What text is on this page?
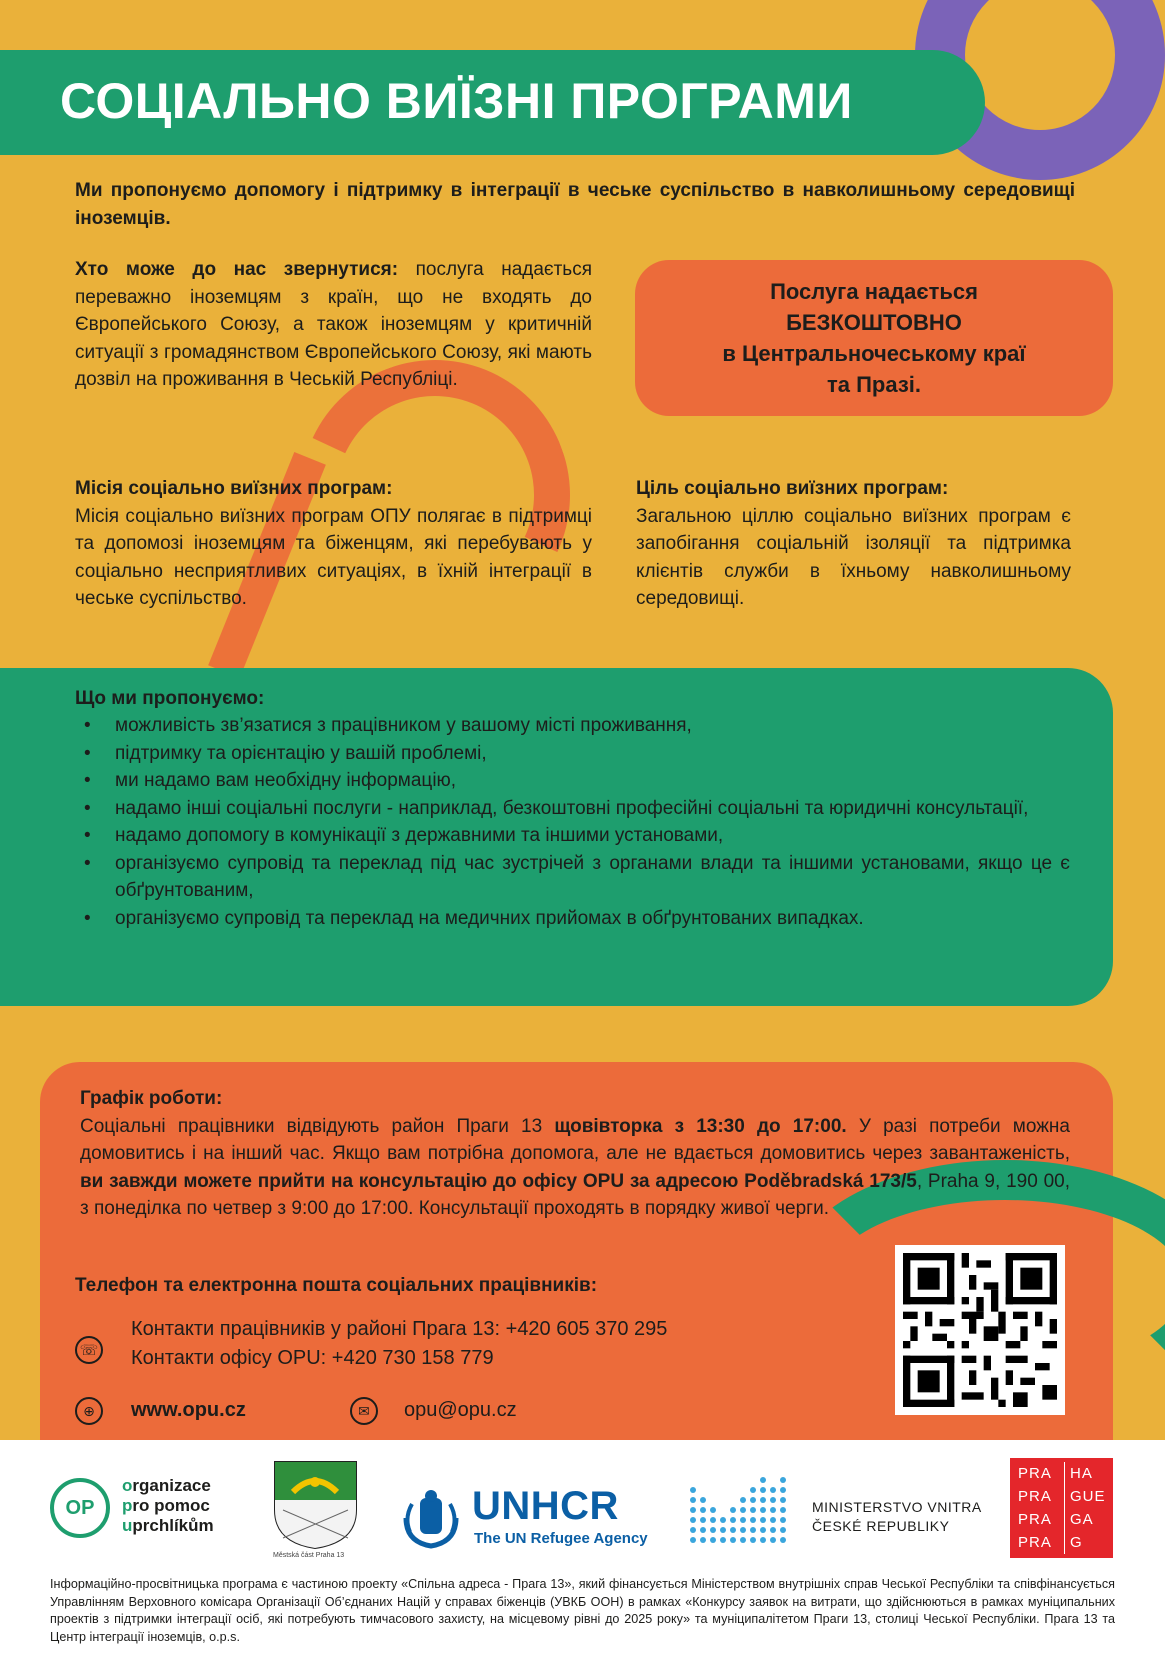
СОЦІАЛЬНО ВИЇЗНІ ПРОГРАМИ
Ми пропонуємо допомогу і підтримку в інтеграції в чеське суспільство в навколишньому середовищі іноземців.
Хто може до нас звернутися: послуга надається переважно іноземцям з країн, що не входять до Європейського Союзу, а також іноземцям у критичній ситуації з громадянством Європейського Союзу, які мають дозвіл на проживання в Чеській Республіці.
Послуга надається
БЕЗКОШТОВНО
в Центральночеському краї
та Празі.
Місія соціально виїзних програм:
Місія соціально виїзних програм ОПУ полягає в підтримці та допомозі іноземцям та біженцям, які перебувають у соціально несприятливих ситуаціях, в їхній інтеграції в чеське суспільство.
Ціль соціально виїзних програм:
Загальною ціллю соціально виїзних програм є запобігання соціальній ізоляції та підтримка клієнтів служби в їхньому навколишньому середовищі.
Що ми пропонуємо:
• можливість зв’язатися з працівником у вашому місті проживання,
• підтримку та орієнтацію у вашій проблемі,
• ми надамо вам необхідну інформацію,
• надамо інші соціальні послуги - наприклад, безкоштовні професійні соціальні та юридичні консультації,
• надамо допомогу в комунікації з державними та іншими установами,
• організуємо супровід та переклад під час зустрічей з органами влади та іншими установами, якщо це є обґрунтованим,
• організуємо супровід та переклад на медичних прийомах в обґрунтованих випадках.
Графік роботи:
Соціальні працівники відвідують район Праги 13 щовівторка з 13:30 до 17:00. У разі потреби можна домовитись і на інший час. Якщо вам потрібна допомога, але не вдається домовитись через завантаженість, ви завжди можете прийти на консультацію до офісу OPU за адресою Poděbradská 173/5, Praha 9, 190 00, з понеділка по четвер з 9:00 до 17:00. Консультації проходять в порядку живої черги.
Телефон та електронна пошта соціальних працівників:
☏
Контакти працівників у районі Прага 13: +420 605 370 295
Контакти офісу OPU: +420 730 158 779
⊕	www.opu.cz	✉	opu@opu.cz
OP
organizace
pro pomoc
uprchlíkům
Městská část Praha 13
UNHCR
The UN Refugee Agency
MINISTERSTVO VNITRA
ČESKÉ REPUBLIKY
PRA	HA
PRA	GUE
PRA	GA
PRA	G
Інформаційно-просвітницька програма є частиною проекту «Спільна адреса - Прага 13», який фінансується Міністерством внутрішніх справ Чеської Республіки та співфінансується Управлінням Верховного комісара Організації Об’єднаних Націй у справах біженців (УВКБ ООН) в рамках «Конкурсу заявок на витрати, що здійснюються в рамках муніципальних проектів з підтримки інтеграції осіб, які потребують тимчасового захисту, на місцевому рівні до 2025 року» та муніципалітетом Праги 13, столиці Чеської Республіки. Прага 13 та Центр інтеграції іноземців, o.p.s.
